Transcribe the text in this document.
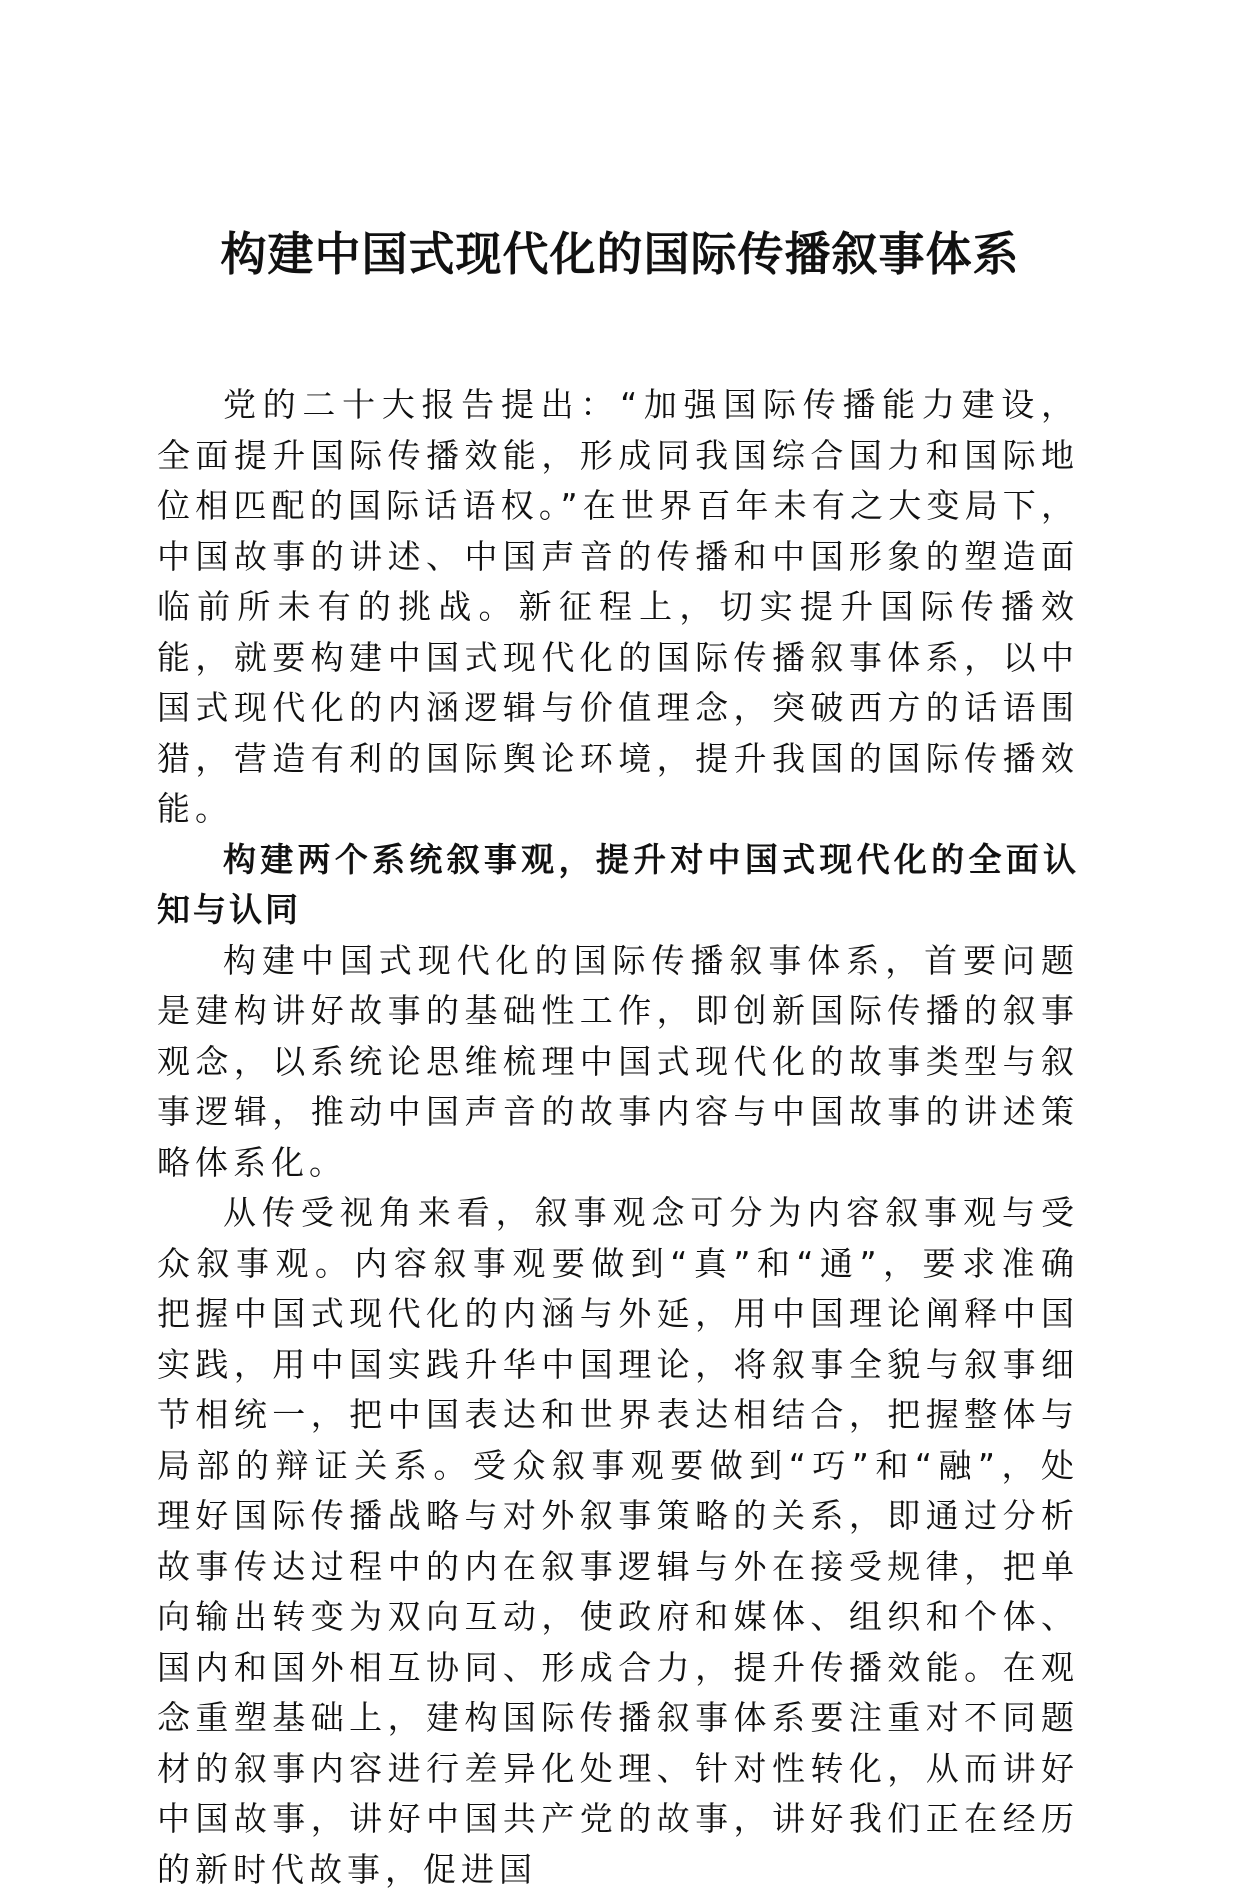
构建中国式现代化的国际传播叙事体系

党的二十大报告提出：“加强国际传播能力建设，全面提升国际传播效能，形成同我国综合国力和国际地位相匹配的国际话语权。”在世界百年未有之大变局下，中国故事的讲述、中国声音的传播和中国形象的塑造面临前所未有的挑战。新征程上，切实提升国际传播效能，就要构建中国式现代化的国际传播叙事体系，以中国式现代化的内涵逻辑与价值理念，突破西方的话语围猎，营造有利的国际舆论环境，提升我国的国际传播效能。

构建两个系统叙事观，提升对中国式现代化的全面认知与认同

构建中国式现代化的国际传播叙事体系，首要问题是建构讲好故事的基础性工作，即创新国际传播的叙事观念，以系统论思维梳理中国式现代化的故事类型与叙事逻辑，推动中国声音的故事内容与中国故事的讲述策略体系化。

从传受视角来看，叙事观念可分为内容叙事观与受众叙事观。内容叙事观要做到“真”和“通”，要求准确把握中国式现代化的内涵与外延，用中国理论阐释中国实践，用中国实践升华中国理论，将叙事全貌与叙事细节相统一，把中国表达和世界表达相结合，把握整体与局部的辩证关系。受众叙事观要做到“巧”和“融”，处理好国际传播战略与对外叙事策略的关系，即通过分析故事传达过程中的内在叙事逻辑与外在接受规律，把单向输出转变为双向互动，使政府和媒体、组织和个体、国内和国外相互协同、形成合力，提升传播效能。在观念重塑基础上，建构国际传播叙事体系要注重对不同题材的叙事内容进行差异化处理、针对性转化，从而讲好中国故事，讲好中国共产党的故事，讲好我们正在经历的新时代故事，促进国
